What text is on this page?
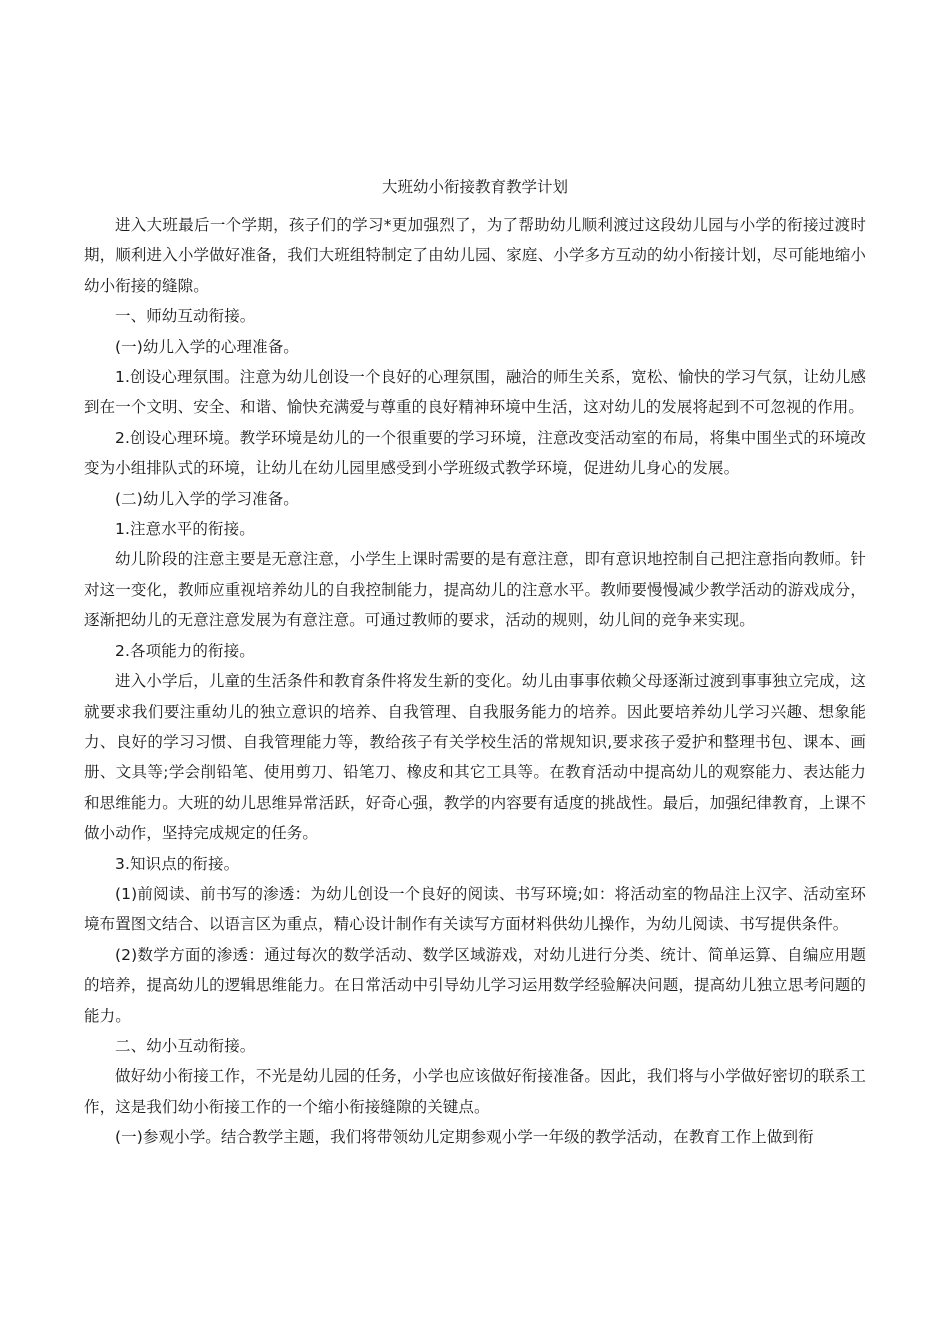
大班幼小衔接教育教学计划

进入大班最后一个学期，孩子们的学习*更加强烈了，为了帮助幼儿顺利渡过这段幼儿园与小学的衔接过渡时期，顺利进入小学做好准备，我们大班组特制定了由幼儿园、家庭、小学多方互动的幼小衔接计划，尽可能地缩小幼小衔接的缝隙。

一、师幼互动衔接。

(一)幼儿入学的心理准备。

1.创设心理氛围。注意为幼儿创设一个良好的心理氛围，融洽的师生关系，宽松、愉快的学习气氛，让幼儿感到在一个文明、安全、和谐、愉快充满爱与尊重的良好精神环境中生活，这对幼儿的发展将起到不可忽视的作用。

2.创设心理环境。教学环境是幼儿的一个很重要的学习环境，注意改变活动室的布局，将集中围坐式的环境改变为小组排队式的环境，让幼儿在幼儿园里感受到小学班级式教学环境，促进幼儿身心的发展。

(二)幼儿入学的学习准备。

1.注意水平的衔接。

幼儿阶段的注意主要是无意注意，小学生上课时需要的是有意注意，即有意识地控制自己把注意指向教师。针对这一变化，教师应重视培养幼儿的自我控制能力，提高幼儿的注意水平。教师要慢慢减少教学活动的游戏成分，逐渐把幼儿的无意注意发展为有意注意。可通过教师的要求，活动的规则，幼儿间的竞争来实现。

2.各项能力的衔接。

进入小学后，儿童的生活条件和教育条件将发生新的变化。幼儿由事事依赖父母逐渐过渡到事事独立完成，这就要求我们要注重幼儿的独立意识的培养、自我管理、自我服务能力的培养。因此要培养幼儿学习兴趣、想象能力、良好的学习习惯、自我管理能力等，教给孩子有关学校生活的常规知识,要求孩子爱护和整理书包、课本、画册、文具等;学会削铅笔、使用剪刀、铅笔刀、橡皮和其它工具等。在教育活动中提高幼儿的观察能力、表达能力和思维能力。大班的幼儿思维异常活跃，好奇心强，教学的内容要有适度的挑战性。最后，加强纪律教育，上课不做小动作，坚持完成规定的任务。

3.知识点的衔接。

(1)前阅读、前书写的渗透：为幼儿创设一个良好的阅读、书写环境;如：将活动室的物品注上汉字、活动室环境布置图文结合、以语言区为重点，精心设计制作有关读写方面材料供幼儿操作，为幼儿阅读、书写提供条件。

(2)数学方面的渗透：通过每次的数学活动、数学区域游戏，对幼儿进行分类、统计、简单运算、自编应用题的培养，提高幼儿的逻辑思维能力。在日常活动中引导幼儿学习运用数学经验解决问题，提高幼儿独立思考问题的能力。

二、幼小互动衔接。

做好幼小衔接工作，不光是幼儿园的任务，小学也应该做好衔接准备。因此，我们将与小学做好密切的联系工作，这是我们幼小衔接工作的一个缩小衔接缝隙的关键点。

(一)参观小学。结合教学主题，我们将带领幼儿定期参观小学一年级的教学活动，在教育工作上做到衔
